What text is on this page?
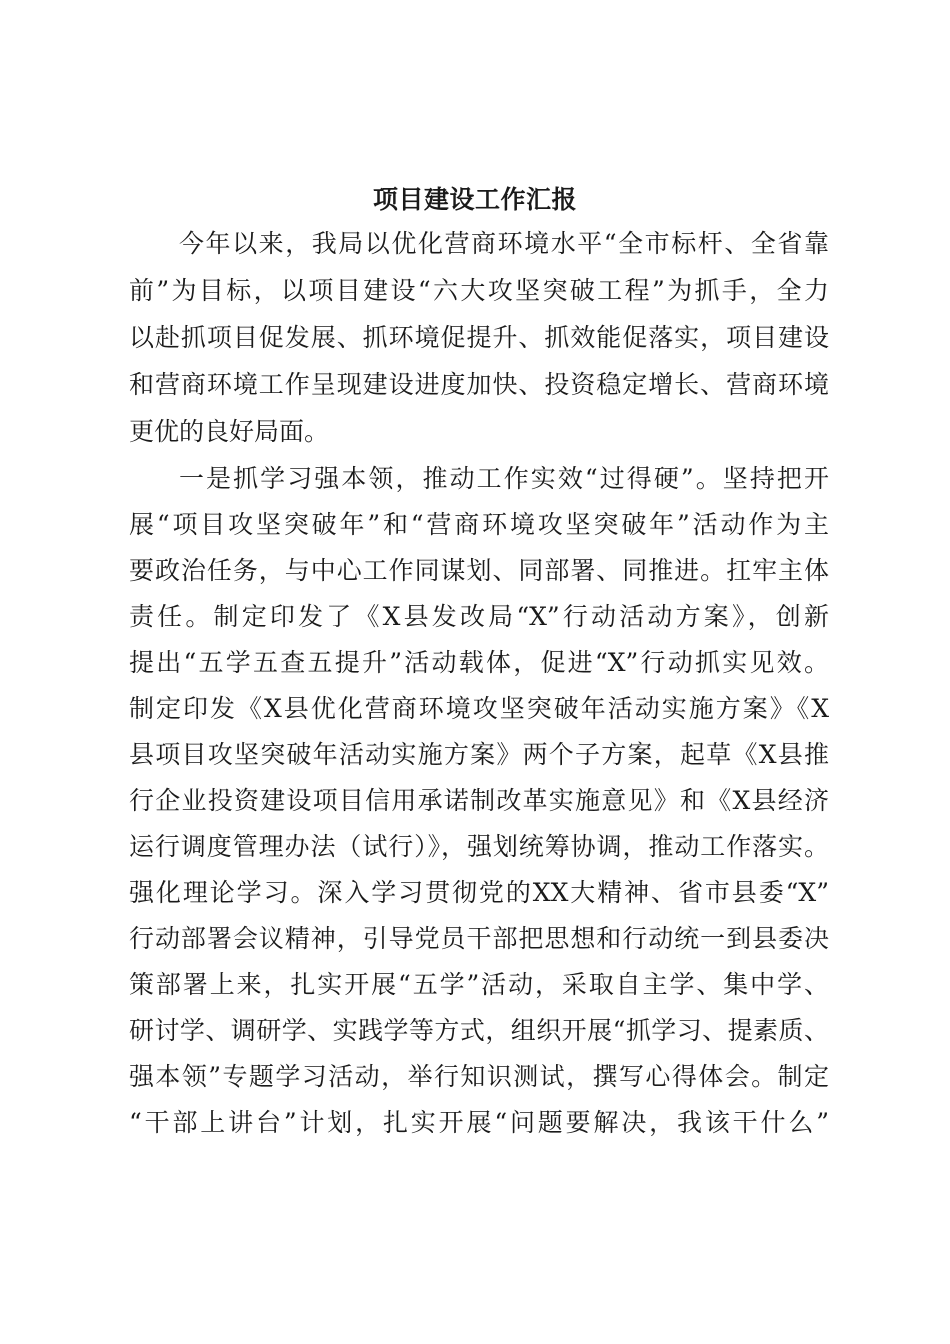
项目建设工作汇报

今年以来，我局以优化营商环境水平“全市标杆、全省靠

前”为目标，以项目建设“六大攻坚突破工程”为抓手，全力

以赴抓项目促发展、抓环境促提升、抓效能促落实，项目建设

和营商环境工作呈现建设进度加快、投资稳定增长、营商环境

更优的良好局面。

一是抓学习强本领，推动工作实效“过得硬”。坚持把开

展“项目攻坚突破年”和“营商环境攻坚突破年”活动作为主

要政治任务，与中心工作同谋划、同部署、同推进。扛牢主体

责任。制定印发了《X县发改局“X”行动活动方案》，创新

提出“五学五查五提升”活动载体，促进“X”行动抓实见效。

制定印发《X县优化营商环境攻坚突破年活动实施方案》《X

县项目攻坚突破年活动实施方案》两个子方案，起草《X县推

行企业投资建设项目信用承诺制改革实施意见》和《X县经济

运行调度管理办法（试行）》，强划统筹协调，推动工作落实。

强化理论学习。深入学习贯彻党的XX大精神、省市县委“X”

行动部署会议精神，引导党员干部把思想和行动统一到县委决

策部署上来，扎实开展“五学”活动，采取自主学、集中学、

研讨学、调研学、实践学等方式，组织开展“抓学习、提素质、

强本领”专题学习活动，举行知识测试，撰写心得体会。制定

“干部上讲台”计划，扎实开展“问题要解决，我该干什么”
